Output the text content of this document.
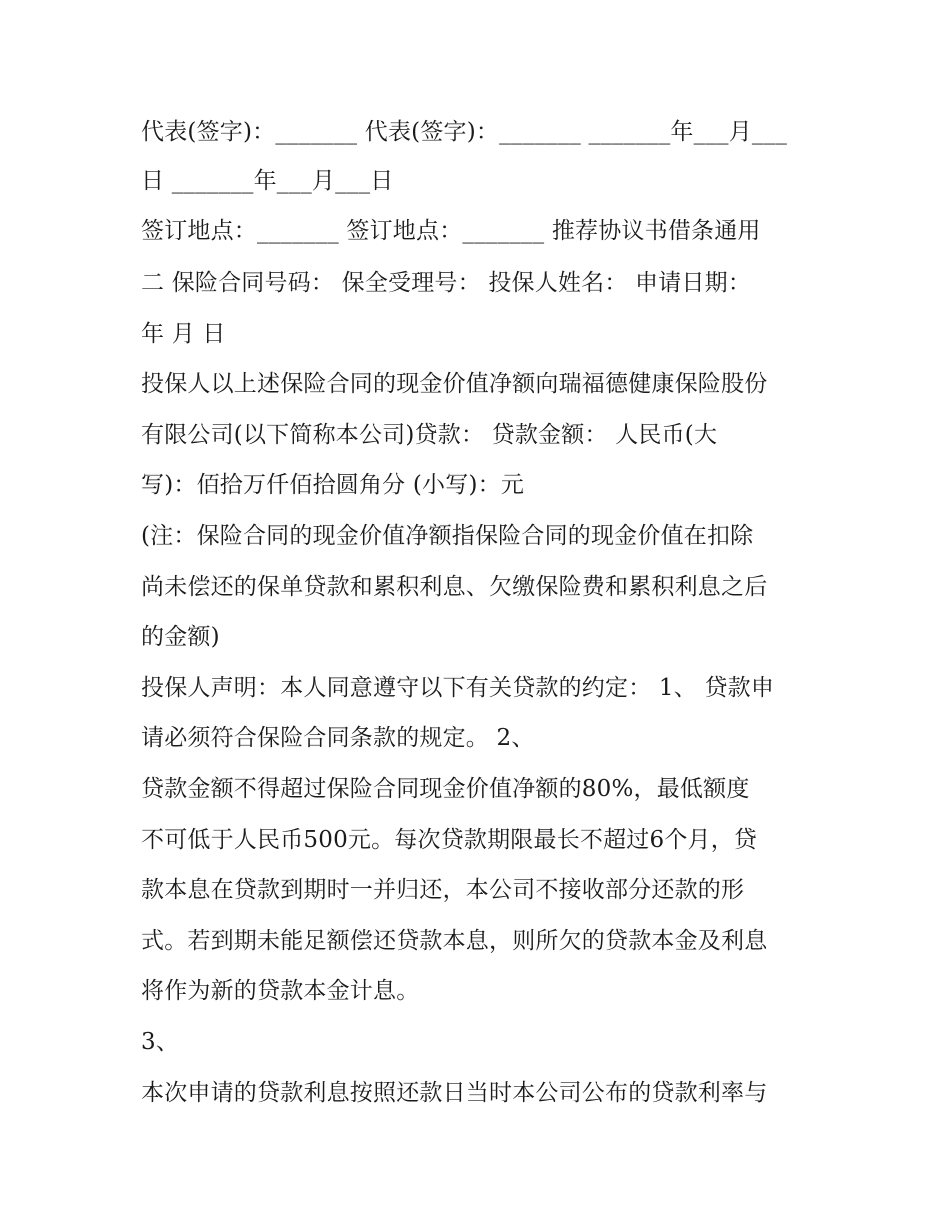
代表(签字)：_______ 代表(签字)：_______ _______年___月___
日 _______年___月___日
签订地点：_______ 签订地点：_______ 推荐协议书借条通用
二 保险合同号码： 保全受理号： 投保人姓名： 申请日期：
年 月 日
投保人以上述保险合同的现金价值净额向瑞福德健康保险股份
有限公司(以下简称本公司)贷款： 贷款金额： 人民币(大
写)：佰拾万仟佰拾圆角分 (小写)：元
(注：保险合同的现金价值净额指保险合同的现金价值在扣除
尚未偿还的保单贷款和累积利息、欠缴保险费和累积利息之后
的金额)
投保人声明：本人同意遵守以下有关贷款的约定： 1、 贷款申
请必须符合保险合同条款的规定。 2、
贷款金额不得超过保险合同现金价值净额的80%，最低额度
不可低于人民币500元。每次贷款期限最长不超过6个月，贷
款本息在贷款到期时一并归还，本公司不接收部分还款的形
式。若到期未能足额偿还贷款本息，则所欠的贷款本金及利息
将作为新的贷款本金计息。
3、
本次申请的贷款利息按照还款日当时本公司公布的贷款利率与
